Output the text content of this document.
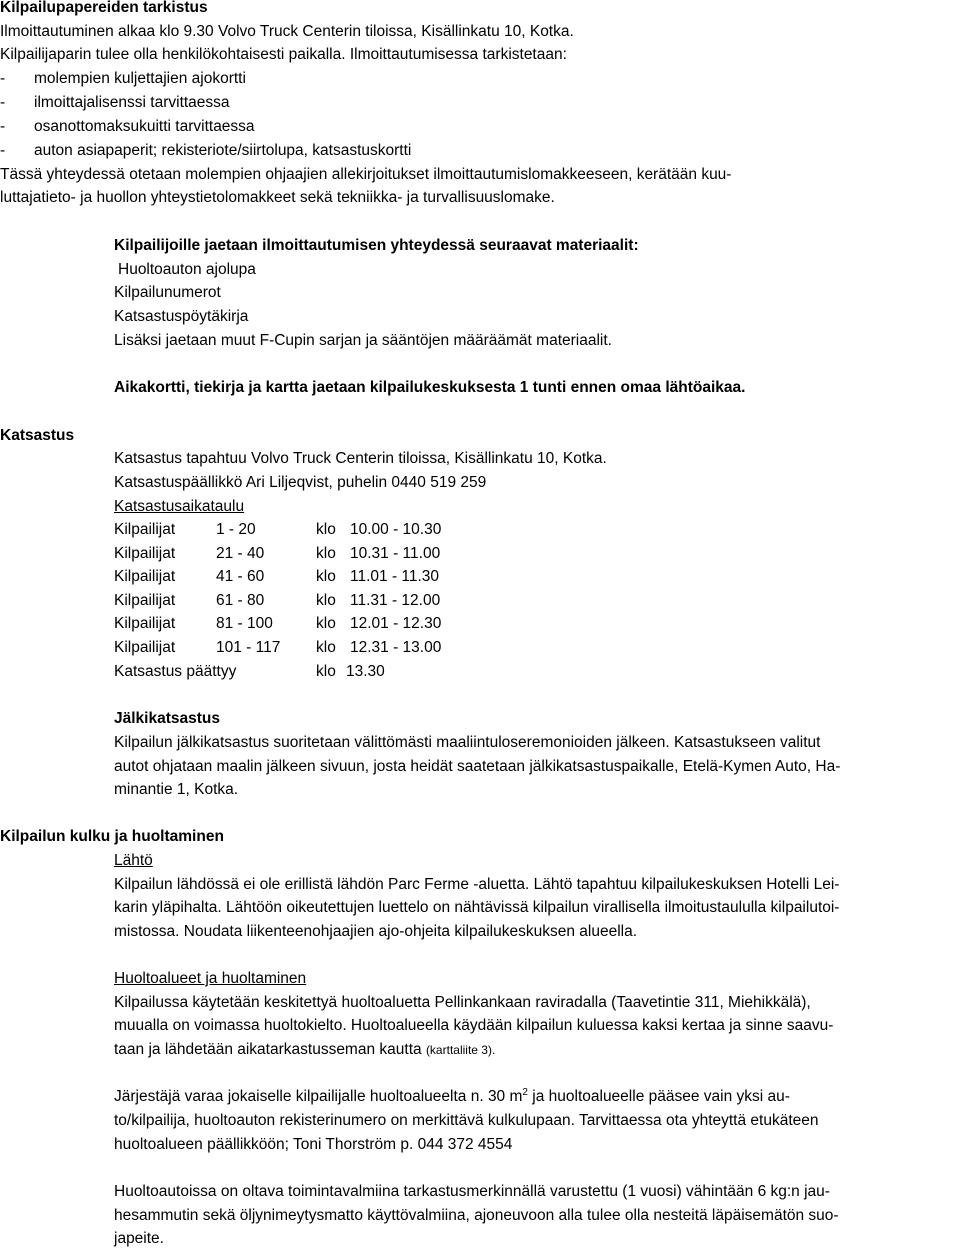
Kilpailupapereiden tarkistus
Ilmoittautuminen alkaa klo 9.30 Volvo Truck Centerin tiloissa, Kisällinkatu 10, Kotka.
Kilpailijaparin tulee olla henkilökohtaisesti paikalla. Ilmoittautumisessa tarkistetaan:
- molempien kuljettajien ajokortti
- ilmoittajalisenssi tarvittaessa
- osanottomaksukuitti tarvittaessa
- auton asiapaperit; rekisteriote/siirtolupa, katsastuskortti
Tässä yhteydessä otetaan molempien ohjaajien allekirjoitukset ilmoittautumislomakkeeseen, kerätään kuu-
luttajatieto- ja huollon yhteystietolomakkeet sekä tekniikka- ja turvallisuuslomake.
Kilpailijoille jaetaan ilmoittautumisen yhteydessä seuraavat materiaalit:
Huoltoauton ajolupa
Kilpailunumerot
Katsastuspöytäkirja
Lisäksi jaetaan muut F-Cupin sarjan ja sääntöjen määräämät materiaalit.
Aikakortti, tiekirja ja kartta jaetaan kilpailukeskuksesta 1 tunti ennen omaa lähtöaikaa.
Katsastus
Katsastus tapahtuu Volvo Truck Centerin tiloissa, Kisällinkatu 10, Kotka.
Katsastuspäällikkö Ari Liljeqvist, puhelin 0440 519 259
Katsastusaikataulu
Kilpailijat	1 - 20	klo 10.00 - 10.30
Kilpailijat	21 - 40	klo 10.31 - 11.00
Kilpailijat	41 - 60	klo 11.01 - 11.30
Kilpailijat	61 - 80	klo 11.31 - 12.00
Kilpailijat	81 - 100	klo 12.01 - 12.30
Kilpailijat	101 - 117 klo 12.31 - 13.00
Katsastus päättyy	klo 13.30
Jälkikatsastus
Kilpailun jälkikatsastus suoritetaan välittömästi maaliintuloseremonioiden jälkeen. Katsastukseen valitut
autot ohjataan maalin jälkeen sivuun, josta heidät saatetaan jälkikatsastuspaikalle, Etelä-Kymen Auto, Ha-
minantie 1, Kotka.
Kilpailun kulku ja huoltaminen
Lähtö
Kilpailun lähdössä ei ole erillistä lähdön Parc Ferme -aluetta. Lähtö tapahtuu kilpailukeskuksen Hotelli Lei-
karin yläpihalta. Lähtöön oikeutettujen luettelo on nähtävissä kilpailun virallisella ilmoitustaululla kilpailutoi-
mistossa. Noudata liikenteenohjaajien ajo-ohjeita kilpailukeskuksen alueella.
Huoltoalueet ja huoltaminen
Kilpailussa käytetään keskitettyä huoltoaluetta Pellinkankaan raviradalla (Taavetintie 311, Miehikkälä),
muualla on voimassa huoltokielto. Huoltoalueella käydään kilpailun kuluessa kaksi kertaa ja sinne saavu-
taan ja lähdetään aikatarkastusseman kautta (karttaliite 3).
Järjestäjä varaa jokaiselle kilpailijalle huoltoalueelta n. 30 $m^2$ ja huoltoalueelle pääsee vain yksi au-
to/kilpailija, huoltoauton rekisterinumero on merkittävä kulkulupaan. Tarvittaessa ota yhteyttä etukäteen
huoltoalueen päällikköön; Toni Thorström p. 044 372 4554
Huoltoautoissa on oltava toimintavalmiina tarkastusmerkinnällä varustettu (1 vuosi) vähintään 6 kg:n jau-
hesammutin sekä öljynimeytysmatto käyttövalmiina, ajoneuvoon alla tulee olla nesteitä läpäisemätön suo-
japeite.
